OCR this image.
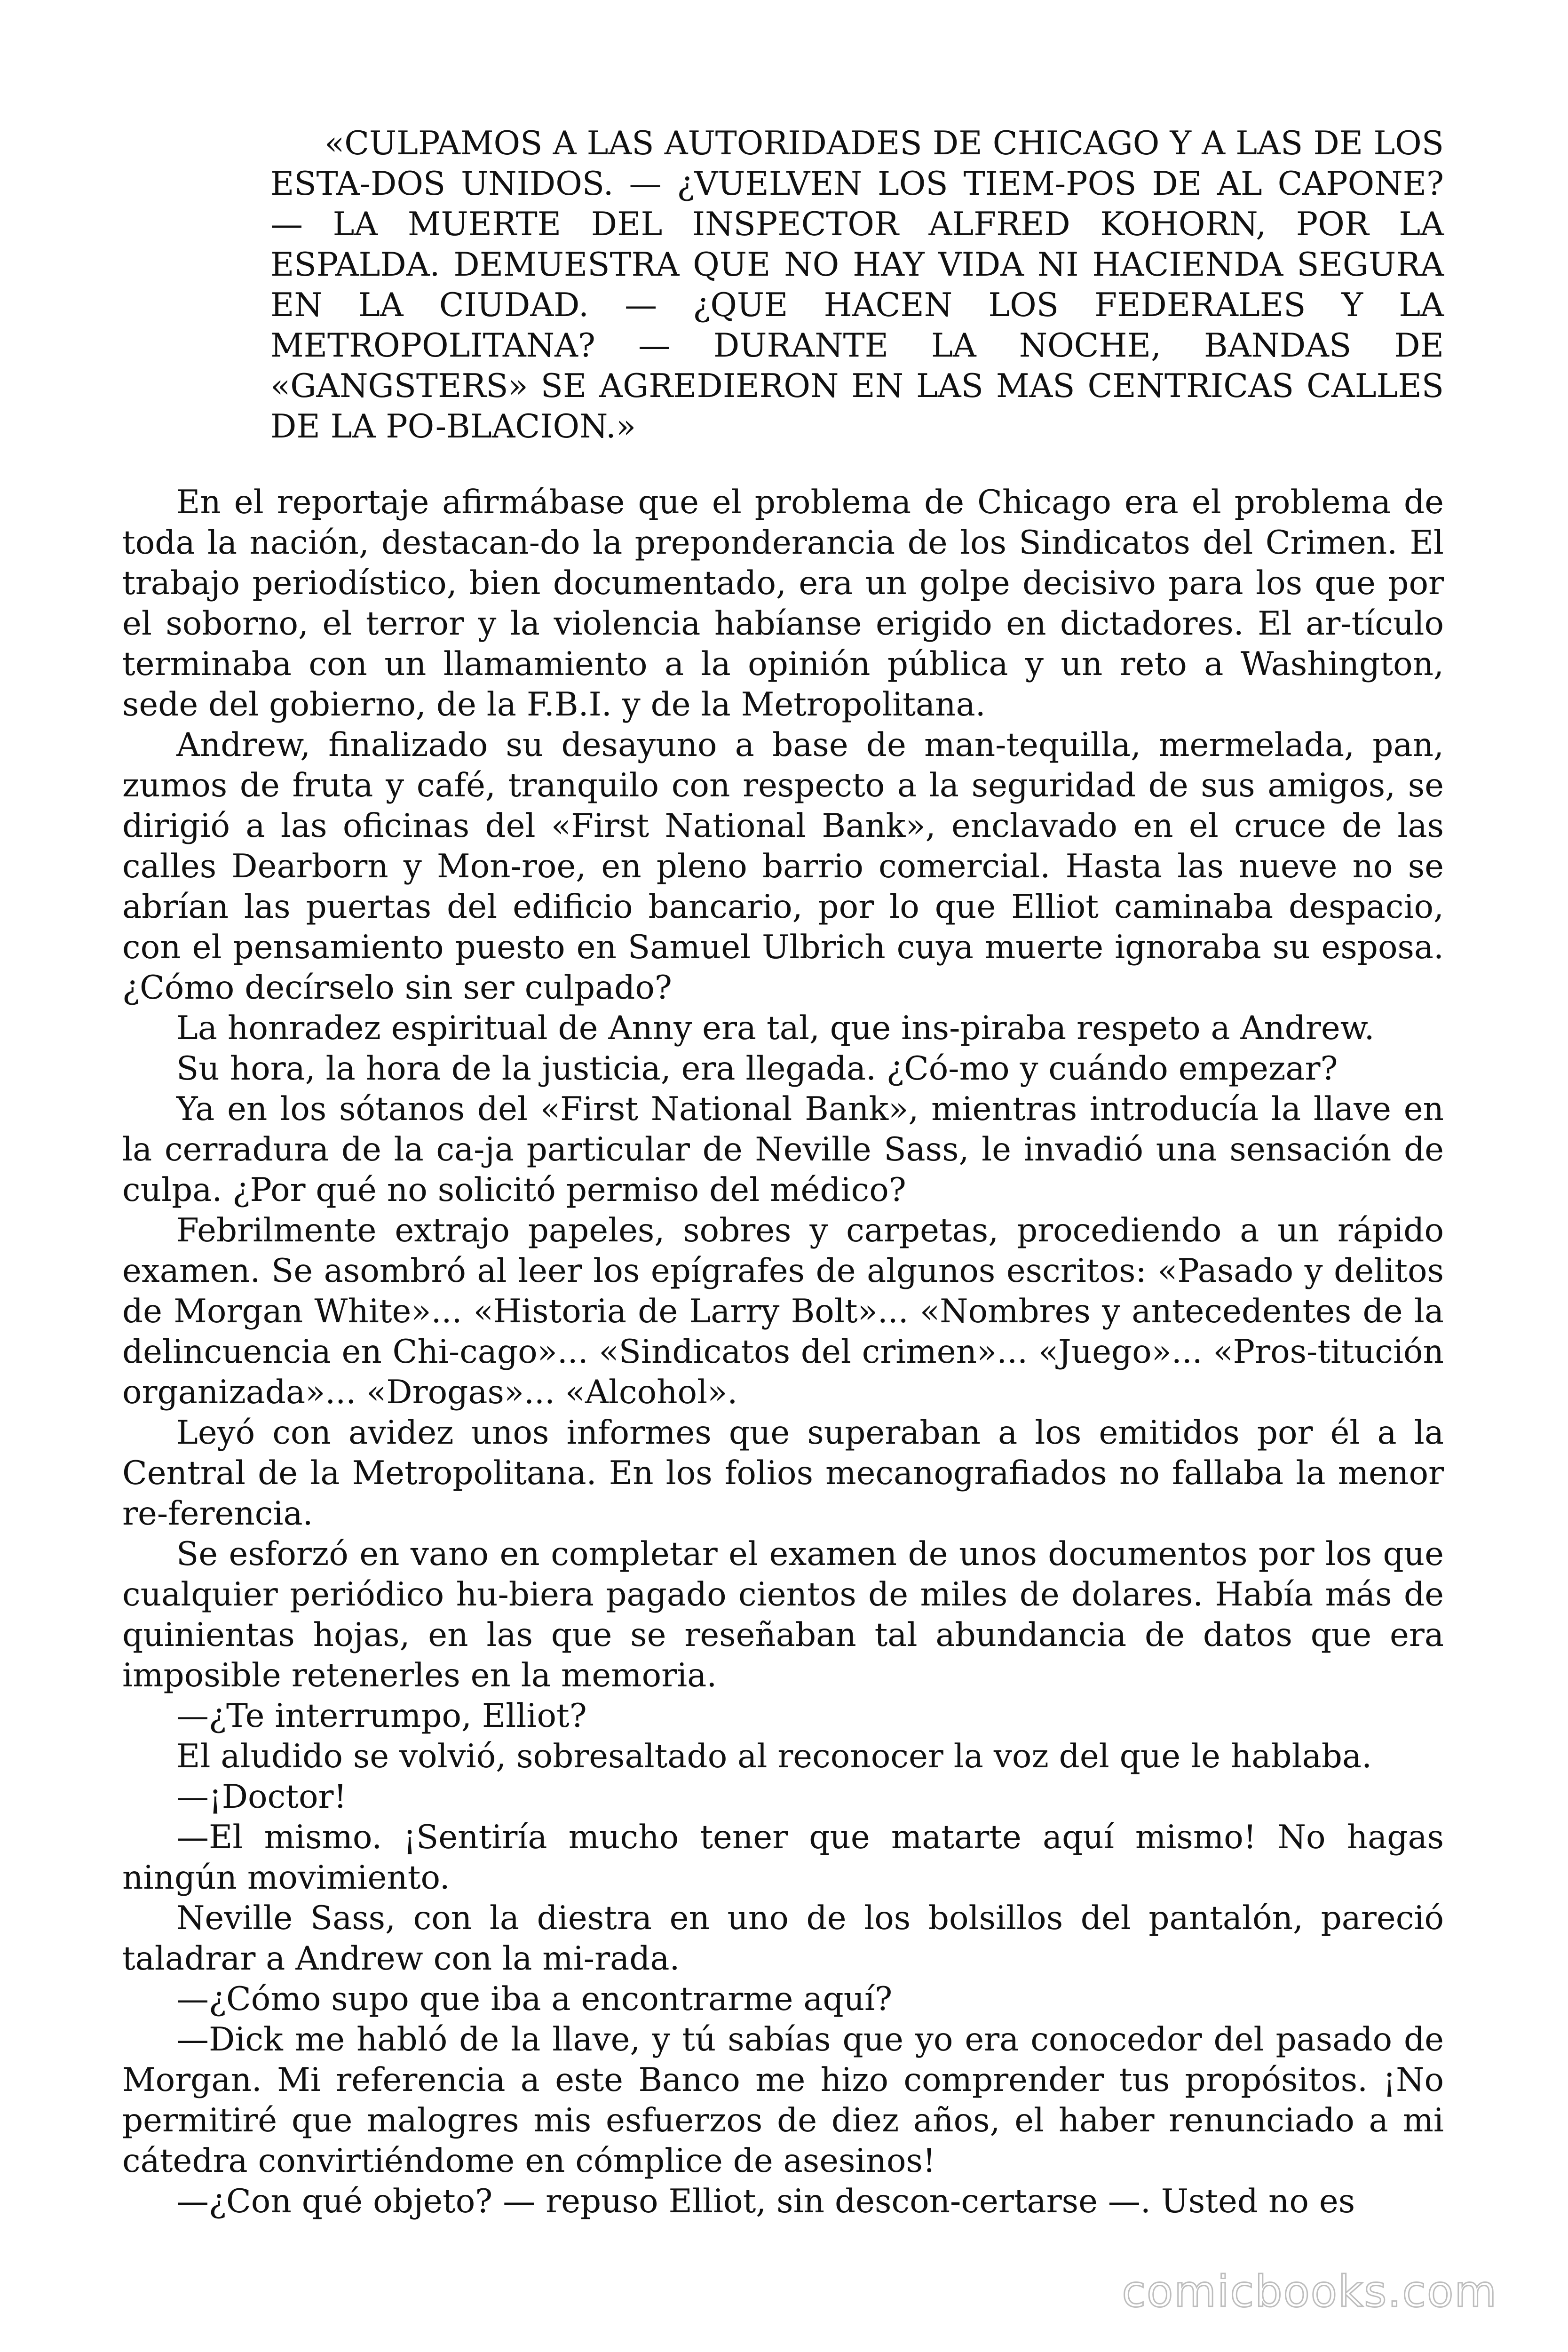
«CULPAMOS A LAS AUTORIDADES DE CHICAGO Y A LAS DE LOS ESTA-DOS UNIDOS. — ¿VUELVEN LOS TIEM-POS DE AL CAPONE? — LA MUERTE DEL INSPECTOR ALFRED KOHORN, POR LA ESPALDA. DEMUESTRA QUE NO HAY VIDA NI HACIENDA SEGURA EN LA CIUDAD. — ¿QUE HACEN LOS FEDERALES Y LA METROPOLITANA? — DURANTE LA NOCHE, BANDAS DE «GANGSTERS» SE AGREDIERON EN LAS MAS CENTRICAS CALLES DE LA PO-BLACION.»

En el reportaje afirmábase que el problema de Chicago era el problema de toda la nación, destacan-do la preponderancia de los Sindicatos del Crimen. El trabajo periodístico, bien documentado, era un golpe decisivo para los que por el soborno, el terror y la violencia habíanse erigido en dictadores. El ar-tículo terminaba con un llamamiento a la opinión pública y un reto a Washington, sede del gobierno, de la F.B.I. y de la Metropolitana.

Andrew, finalizado su desayuno a base de man-tequilla, mermelada, pan, zumos de fruta y café, tranquilo con respecto a la seguridad de sus amigos, se dirigió a las oficinas del «First National Bank», enclavado en el cruce de las calles Dearborn y Mon-roe, en pleno barrio comercial. Hasta las nueve no se abrían las puertas del edificio bancario, por lo que Elliot caminaba despacio, con el pensamiento puesto en Samuel Ulbrich cuya muerte ignoraba su esposa. ¿Cómo decírselo sin ser culpado?

La honradez espiritual de Anny era tal, que ins-piraba respeto a Andrew.

Su hora, la hora de la justicia, era llegada. ¿Có-mo y cuándo empezar?

Ya en los sótanos del «First National Bank», mientras introducía la llave en la cerradura de la ca-ja particular de Neville Sass, le invadió una sensación de culpa. ¿Por qué no solicitó permiso del médico?

Febrilmente extrajo papeles, sobres y carpetas, procediendo a un rápido examen. Se asombró al leer los epígrafes de algunos escritos: «Pasado y delitos de Morgan White»... «Historia de Larry Bolt»... «Nombres y antecedentes de la delincuencia en Chi-cago»... «Sindicatos del crimen»... «Juego»... «Pros-titución organizada»... «Drogas»... «Alcohol».

Leyó con avidez unos informes que superaban a los emitidos por él a la Central de la Metropolitana. En los folios mecanografiados no fallaba la menor re-ferencia.

Se esforzó en vano en completar el examen de unos documentos por los que cualquier periódico hu-biera pagado cientos de miles de dolares. Había más de quinientas hojas, en las que se reseñaban tal abundancia de datos que era imposible retenerles en la memoria.

—¿Te interrumpo, Elliot?

El aludido se volvió, sobresaltado al reconocer la voz del que le hablaba.

—¡Doctor!

—El mismo. ¡Sentiría mucho tener que matarte aquí mismo! No hagas ningún movimiento.

Neville Sass, con la diestra en uno de los bolsillos del pantalón, pareció taladrar a Andrew con la mi-rada.

—¿Cómo supo que iba a encontrarme aquí?

—Dick me habló de la llave, y tú sabías que yo era conocedor del pasado de Morgan. Mi referencia a este Banco me hizo comprender tus propósitos. ¡No permitiré que malogres mis esfuerzos de diez años, el haber renunciado a mi cátedra convirtiéndome en cómplice de asesinos!

—¿Con qué objeto? — repuso Elliot, sin descon-certarse —. Usted no es

comicbooks.com
